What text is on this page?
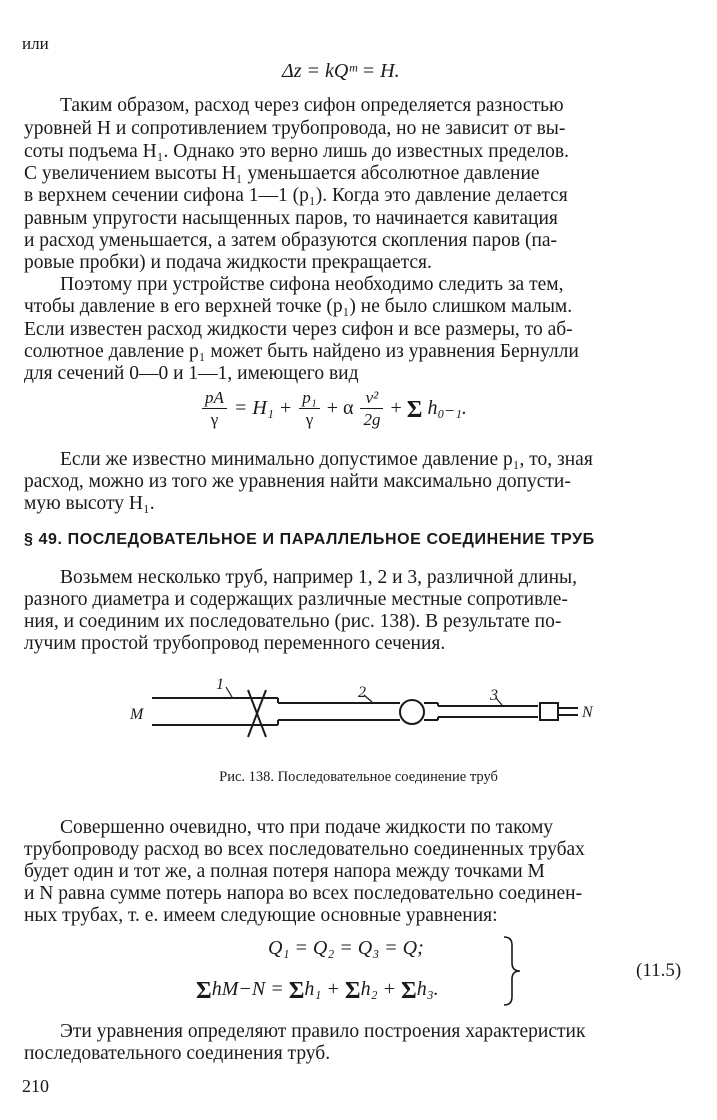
или
Δz = kQᵐ = H.
Таким образом, расход через сифон определяется разностью
уровней H и сопротивлением трубопровода, но не зависит от вы-
соты подъема H₁. Однако это верно лишь до известных пределов.
С увеличением высоты H₁ уменьшается абсолютное давление
в верхнем сечении сифона 1—1 (p₁). Когда это давление делается
равным упругости насыщенных паров, то начинается кавитация
и расход уменьшается, а затем образуются скопления паров (па-
ровые пробки) и подача жидкости прекращается.
Поэтому при устройстве сифона необходимо следить за тем,
чтобы давление в его верхней точке (p₁) не было слишком малым.
Если известен расход жидкости через сифон и все размеры, то аб-
солютное давление p₁ может быть найдено из уравнения Бернулли
для сечений 0—0 и 1—1, имеющего вид
$\frac{pA}{\gamma} = H_1 + \frac{\text{p₁}}{\gamma} + \alpha \frac{\text{v²}}{2g} + \Sigma$ h₀₋₁.
Если же известно минимально допустимое давление p₁, то, зная
расход, можно из того же уравнения найти максимально допусти-
мую высоту H₁.
§ 49. ПОСЛЕДОВАТЕЛЬНОЕ И ПАРАЛЛЕЛЬНОЕ СОЕДИНЕНИЕ ТРУБ
Возьмем несколько труб, например 1, 2 и 3, различной длины,
разного диаметра и содержащих различные местные сопротивле-
ния, и соединим их последовательно (рис. 138). В результате по-
лучим простой трубопровод переменного сечения.
1	2	3
M	N
Рис. 138. Последовательное соединение труб
Совершенно очевидно, что при подаче жидкости по такому
трубопроводу расход во всех последовательно соединенных трубах
будет один и тот же, а полная потеря напора между точками M
и N равна сумме потерь напора во всех последовательно соединен-
ных трубах, т. е. имеем следующие основные уравнения:
Q₁ = Q₂ = Q₃ = Q;
ΣhM−N = Σh₁ + Σh₂ + Σh₃.
(11.5)
Эти уравнения определяют правило построения характеристик
последовательного соединения труб.
210
